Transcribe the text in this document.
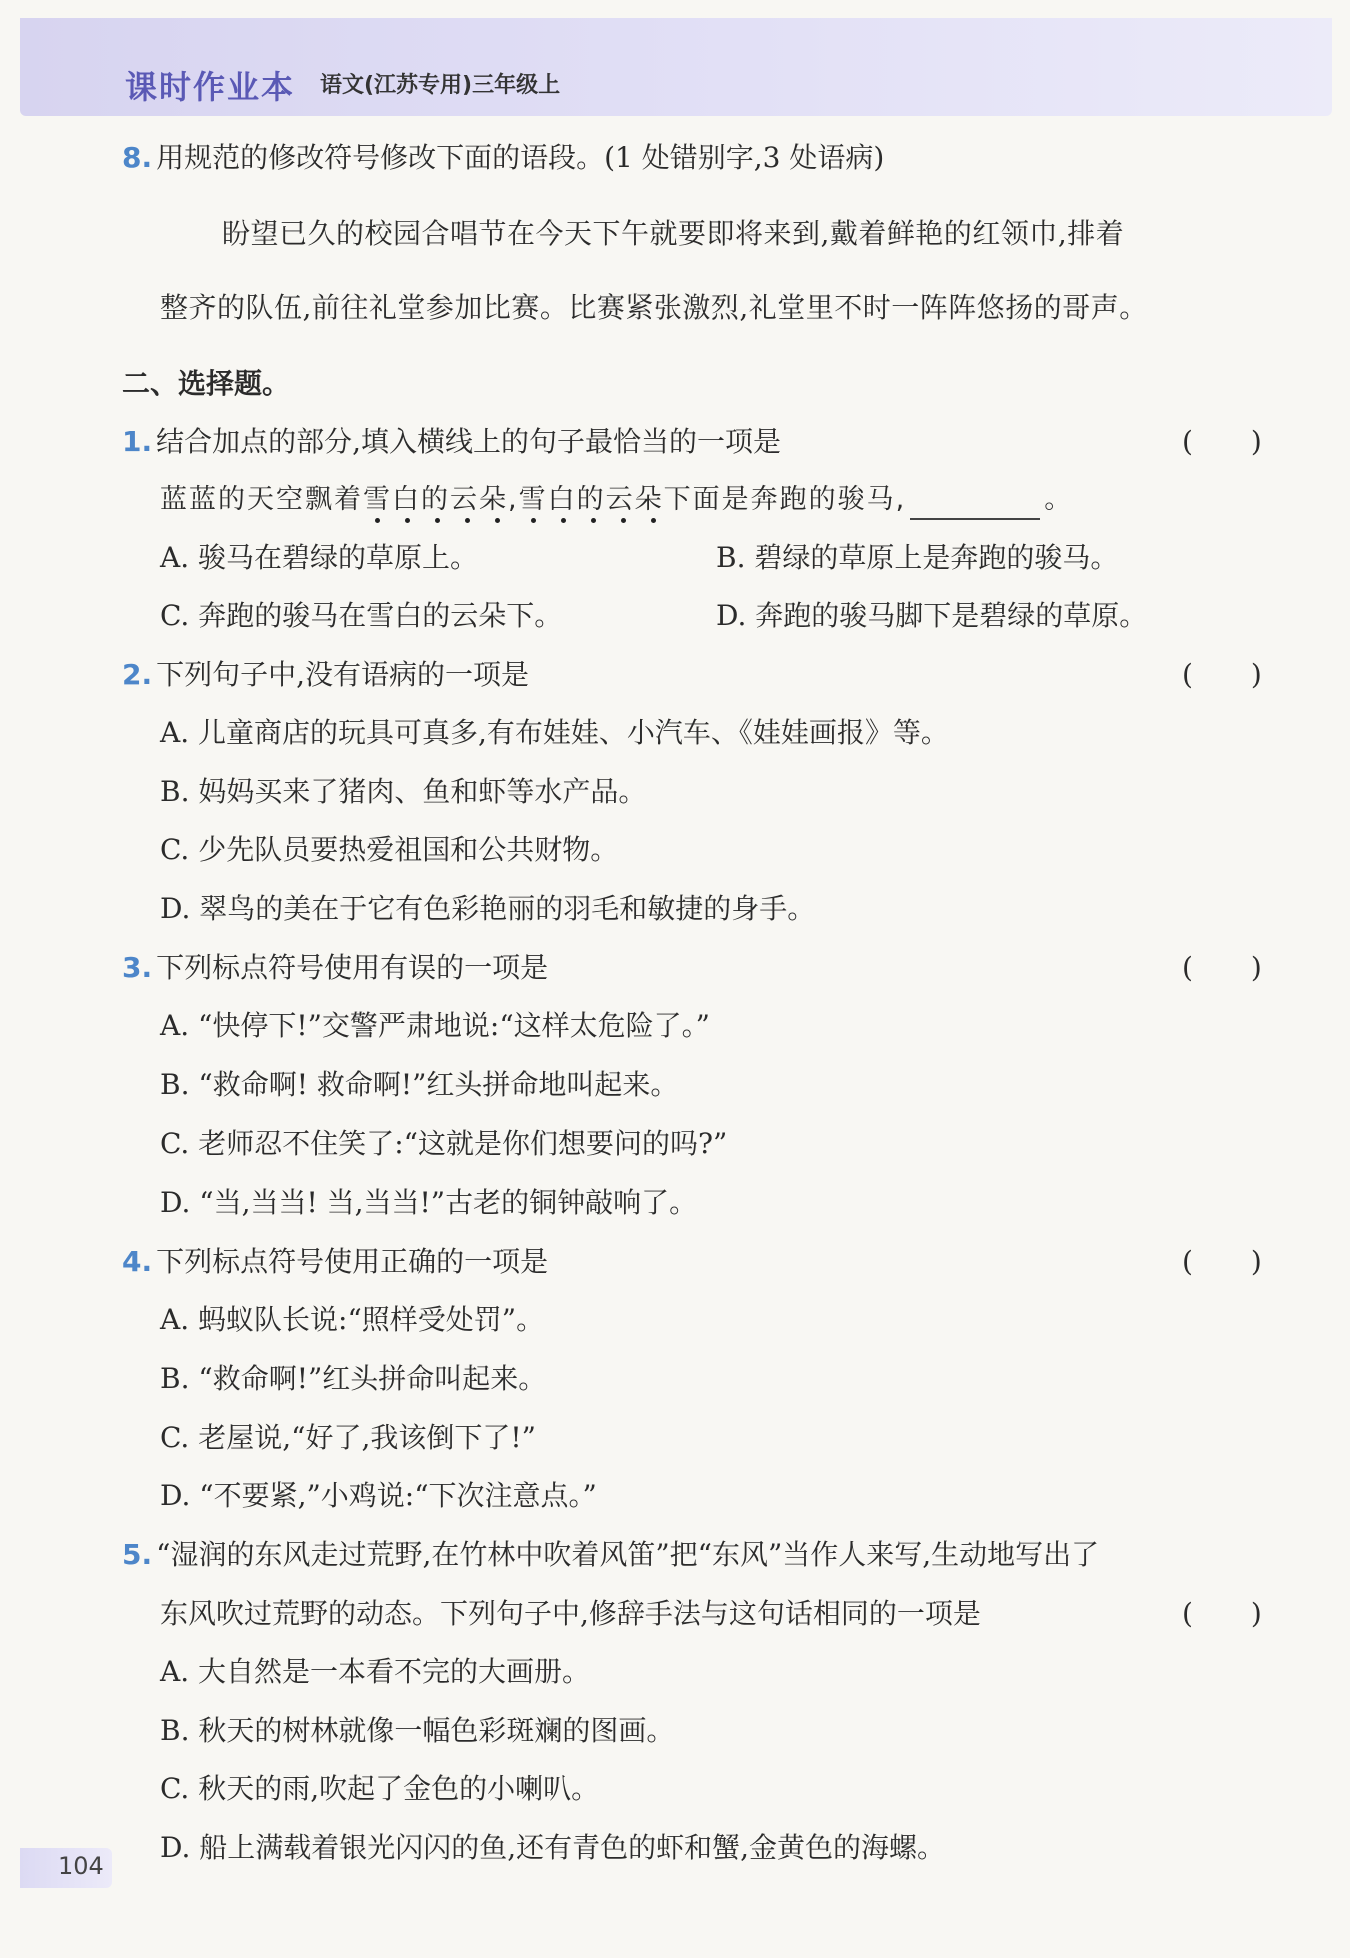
课时作业本 语文(江苏专用)三年级上
8. 用规范的修改符号修改下面的语段。(1 处错别字,3 处语病)
盼望已久的校园合唱节在今天下午就要即将来到,戴着鲜艳的红领巾,排着
整齐的队伍,前往礼堂参加比赛。比赛紧张激烈,礼堂里不时一阵阵悠扬的哥声。
二、选择题。
1. 结合加点的部分,填入横线上的句子最恰当的一项是	()
蓝蓝的天空飘着雪白的云朵
,雪白的云朵
下面是奔跑的骏马,	。
A. 骏马在碧绿的草原上。	B. 碧绿的草原上是奔跑的骏马。
C. 奔跑的骏马在雪白的云朵下。	D. 奔跑的骏马脚下是碧绿的草原。
2. 下列句子中,没有语病的一项是	()
A. 儿童商店的玩具可真多,有布娃娃、小汽车、《娃娃画报》等。
B. 妈妈买来了猪肉、鱼和虾等水产品。
C. 少先队员要热爱祖国和公共财物。
D. 翠鸟的美在于它有色彩艳丽的羽毛和敏捷的身手。
3. 下列标点符号使用有误的一项是	()
A. “快停下!”交警严肃地说:“这样太危险了。”
B. “救命啊! 救命啊!”红头拼命地叫起来。
C. 老师忍不住笑了:“这就是你们想要问的吗?”
D. “当,当当! 当,当当!”古老的铜钟敲响了。
4. 下列标点符号使用正确的一项是	()
A. 蚂蚁队长说:“照样受处罚”。
B. “救命啊!”红头拼命叫起来。
C. 老屋说,“好了,我该倒下了!”
D. “不要紧,”小鸡说:“下次注意点。”
5. “湿润的东风走过荒野,在竹林中吹着风笛”把“东风”当作人来写,生动地写出了
东风吹过荒野的动态。下列句子中,修辞手法与这句话相同的一项是	()
A. 大自然是一本看不完的大画册。
B. 秋天的树林就像一幅色彩斑斓的图画。
C. 秋天的雨,吹起了金色的小喇叭。
D. 船上满载着银光闪闪的鱼,还有青色的虾和蟹,金黄色的海螺。
104
